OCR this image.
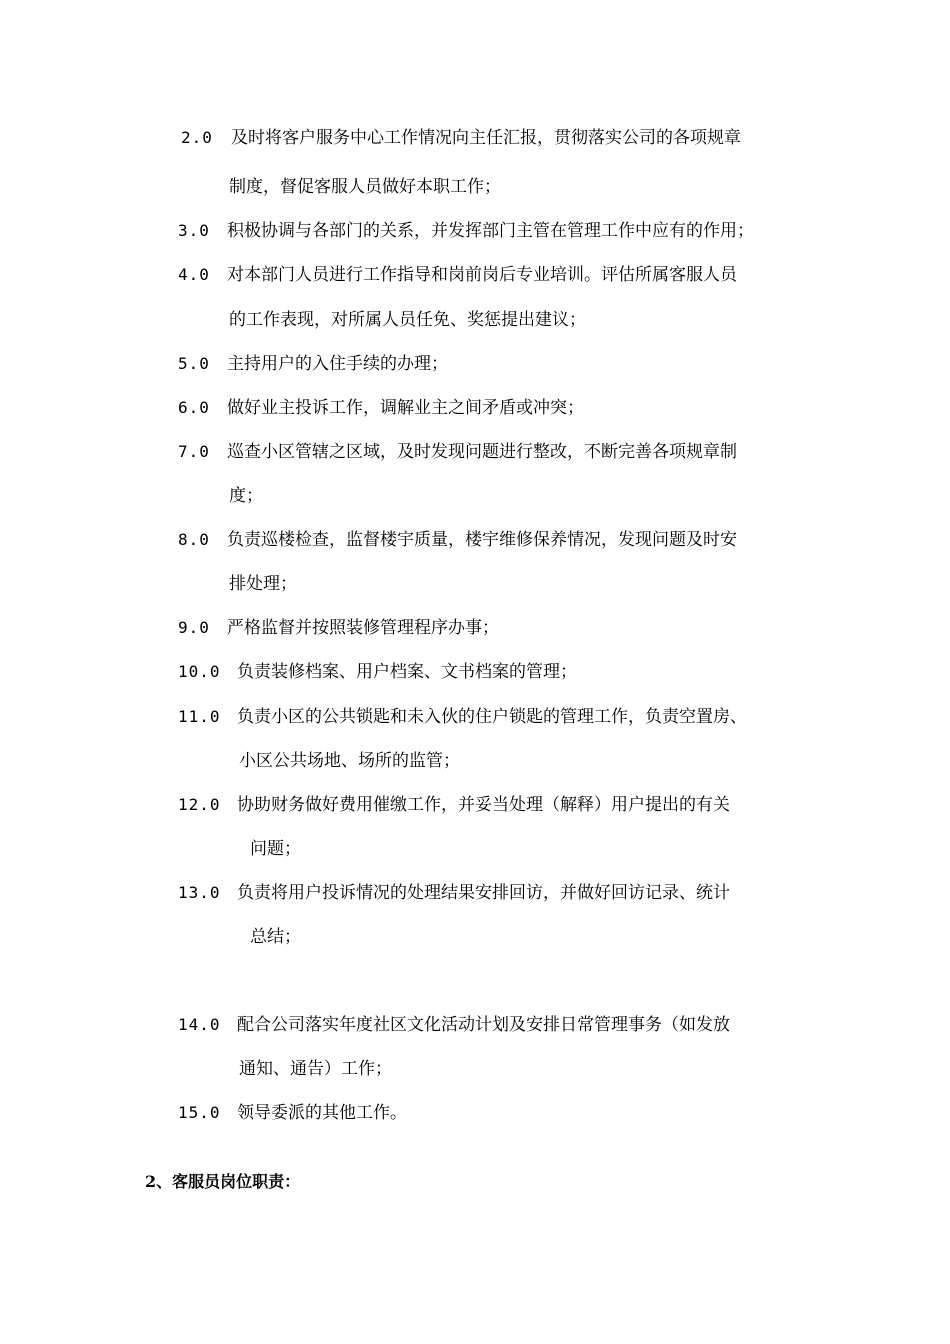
2.0 及时将客户服务中心工作情况向主任汇报，贯彻落实公司的各项规章
制度，督促客服人员做好本职工作；
3.0 积极协调与各部门的关系，并发挥部门主管在管理工作中应有的作用；
4.0 对本部门人员进行工作指导和岗前岗后专业培训。评估所属客服人员
的工作表现，对所属人员任免、奖惩提出建议；
5.0 主持用户的入住手续的办理；
6.0 做好业主投诉工作，调解业主之间矛盾或冲突；
7.0 巡查小区管辖之区域，及时发现问题进行整改，不断完善各项规章制
度；
8.0 负责巡楼检查，监督楼宇质量，楼宇维修保养情况，发现问题及时安
排处理；
9.0 严格监督并按照装修管理程序办事；
10.0 负责装修档案、用户档案、文书档案的管理；
11.0 负责小区的公共锁匙和未入伙的住户锁匙的管理工作，负责空置房、
小区公共场地、场所的监管；
12.0 协助财务做好费用催缴工作，并妥当处理（解释）用户提出的有关
问题；
13.0 负责将用户投诉情况的处理结果安排回访，并做好回访记录、统计
总结；
14.0 配合公司落实年度社区文化活动计划及安排日常管理事务（如发放
通知、通告）工作；
15.0 领导委派的其他工作。
2、客服员岗位职责：
